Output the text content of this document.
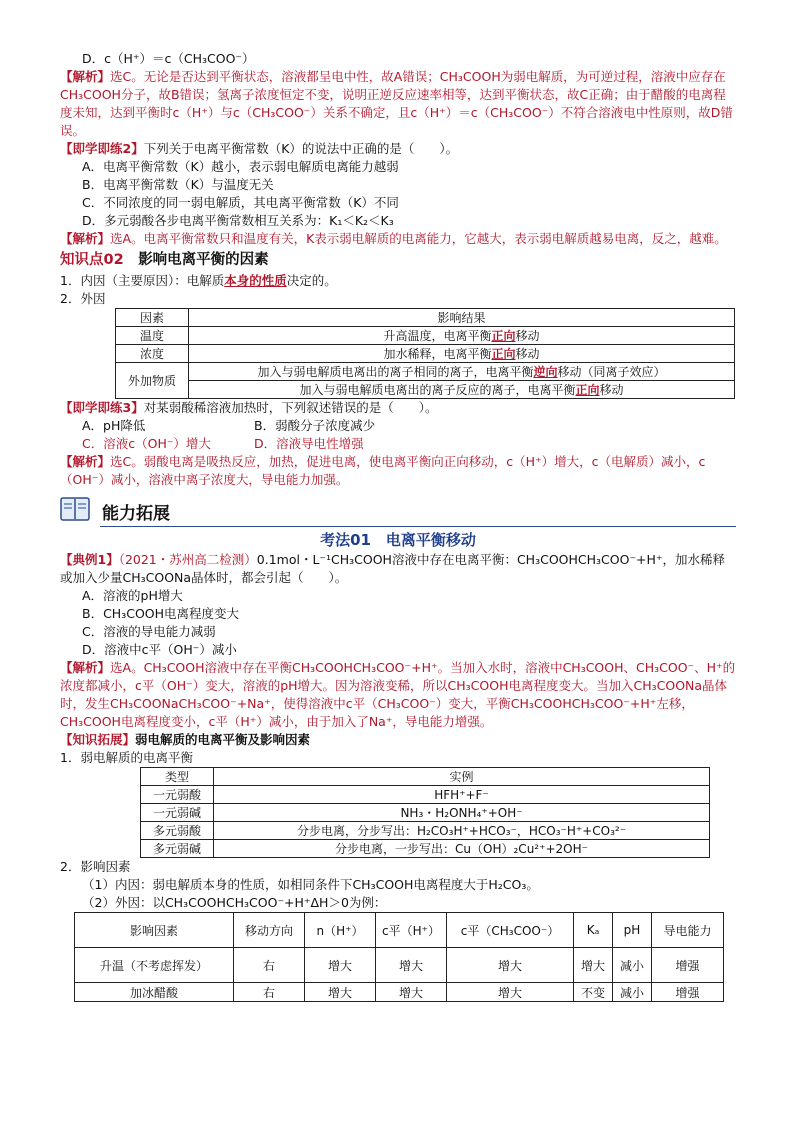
D．c（H⁺）＝c（CH₃COO⁻）

【解析】选C。无论是否达到平衡状态，溶液都呈电中性，故A错误；CH₃COOH为弱电解质，为可逆过程，溶液中应存在CH₃COOH分子，故B错误；氢离子浓度恒定不变，说明正逆反应速率相等，达到平衡状态，故C正确；由于醋酸的电离程度未知，达到平衡时c（H⁺）与c（CH₃COO⁻）关系不确定，且c（H⁺）＝c（CH₃COO⁻）不符合溶液电中性原则，故D错误。

【即学即练2】下列关于电离平衡常数（K）的说法中正确的是（　　）。

A．电离平衡常数（K）越小，表示弱电解质电离能力越弱

B．电离平衡常数（K）与温度无关

C．不同浓度的同一弱电解质，其电离平衡常数（K）不同

D．多元弱酸各步电离平衡常数相互关系为：K₁＜K₂＜K₃

【解析】选A。电离平衡常数只和温度有关，K表示弱电解质的电离能力，它越大，表示弱电解质越易电离，反之，越难。

知识点02　 影响电离平衡的因素

1．内因（主要原因）：电解质本身的性质决定的。

2．外因

因素	影响结果
温度	升高温度，电离平衡正向移动
浓度	加水稀释，电离平衡正向移动
外加物质	加入与弱电解质电离出的离子相同的离子，电离平衡逆向移动（同离子效应）
	加入与弱电解质电离出的离子反应的离子，电离平衡正向移动

【即学即练3】对某弱酸稀溶液加热时，下列叙述错误的是（　　）。

A．pH降低	B．弱酸分子浓度减少

C．溶液c（OH⁻）增大	D．溶液导电性增强

【解析】选C。弱酸电离是吸热反应，加热，促进电离，使电离平衡向正向移动，c（H⁺）增大，c（电解质）减小，c（OH⁻）减小，溶液中离子浓度大，导电能力加强。

能力拓展

考法01　电离平衡移动

【典例1】（2021・苏州高二检测）0.1mol・L⁻¹CH₃COOH溶液中存在电离平衡：CH₃COOHCH₃COO⁻+H⁺，加水稀释或加入少量CH₃COONa晶体时，都会引起（　　）。

A．溶液的pH增大

B．CH₃COOH电离程度变大

C．溶液的导电能力减弱

D．溶液中c平（OH⁻）减小

【解析】选A。CH₃COOH溶液中存在平衡CH₃COOHCH₃COO⁻+H⁺。当加入水时，溶液中CH₃COOH、CH₃COO⁻、H⁺的浓度都减小，c平（OH⁻）变大，溶液的pH增大。因为溶液变稀，所以CH₃COOH电离程度变大。当加入CH₃COONa晶体时，发生CH₃COONaCH₃COO⁻+Na⁺，使得溶液中c平（CH₃COO⁻）变大，平衡CH₃COOHCH₃COO⁻+H⁺左移，CH₃COOH电离程度变小，c平（H⁺）减小，由于加入了Na⁺，导电能力增强。

【知识拓展】弱电解质的电离平衡及影响因素

1．弱电解质的电离平衡

类型	实例
一元弱酸	HFH⁺+F⁻
一元弱碱	NH₃・H₂ONH₄⁺+OH⁻
多元弱酸	分步电离，分步写出：H₂CO₃H⁺+HCO₃⁻，HCO₃⁻H⁺+CO₃²⁻
多元弱碱	分步电离，一步写出：Cu（OH）₂Cu²⁺+2OH⁻

2．影响因素

（1）内因：弱电解质本身的性质，如相同条件下CH₃COOH电离程度大于H₂CO₃。

（2）外因：以CH₃COOHCH₃COO⁻+H⁺ΔH＞0为例：

影响因素	移动方向	n（H⁺）	c平（H⁺）	c平（CH₃COO⁻）	Kₐ	pH	导电能力
升温（不考虑挥发）	右	增大	增大	增大	增大	减小	增强
加冰醋酸	右	增大	增大	增大	不变	减小	增强
